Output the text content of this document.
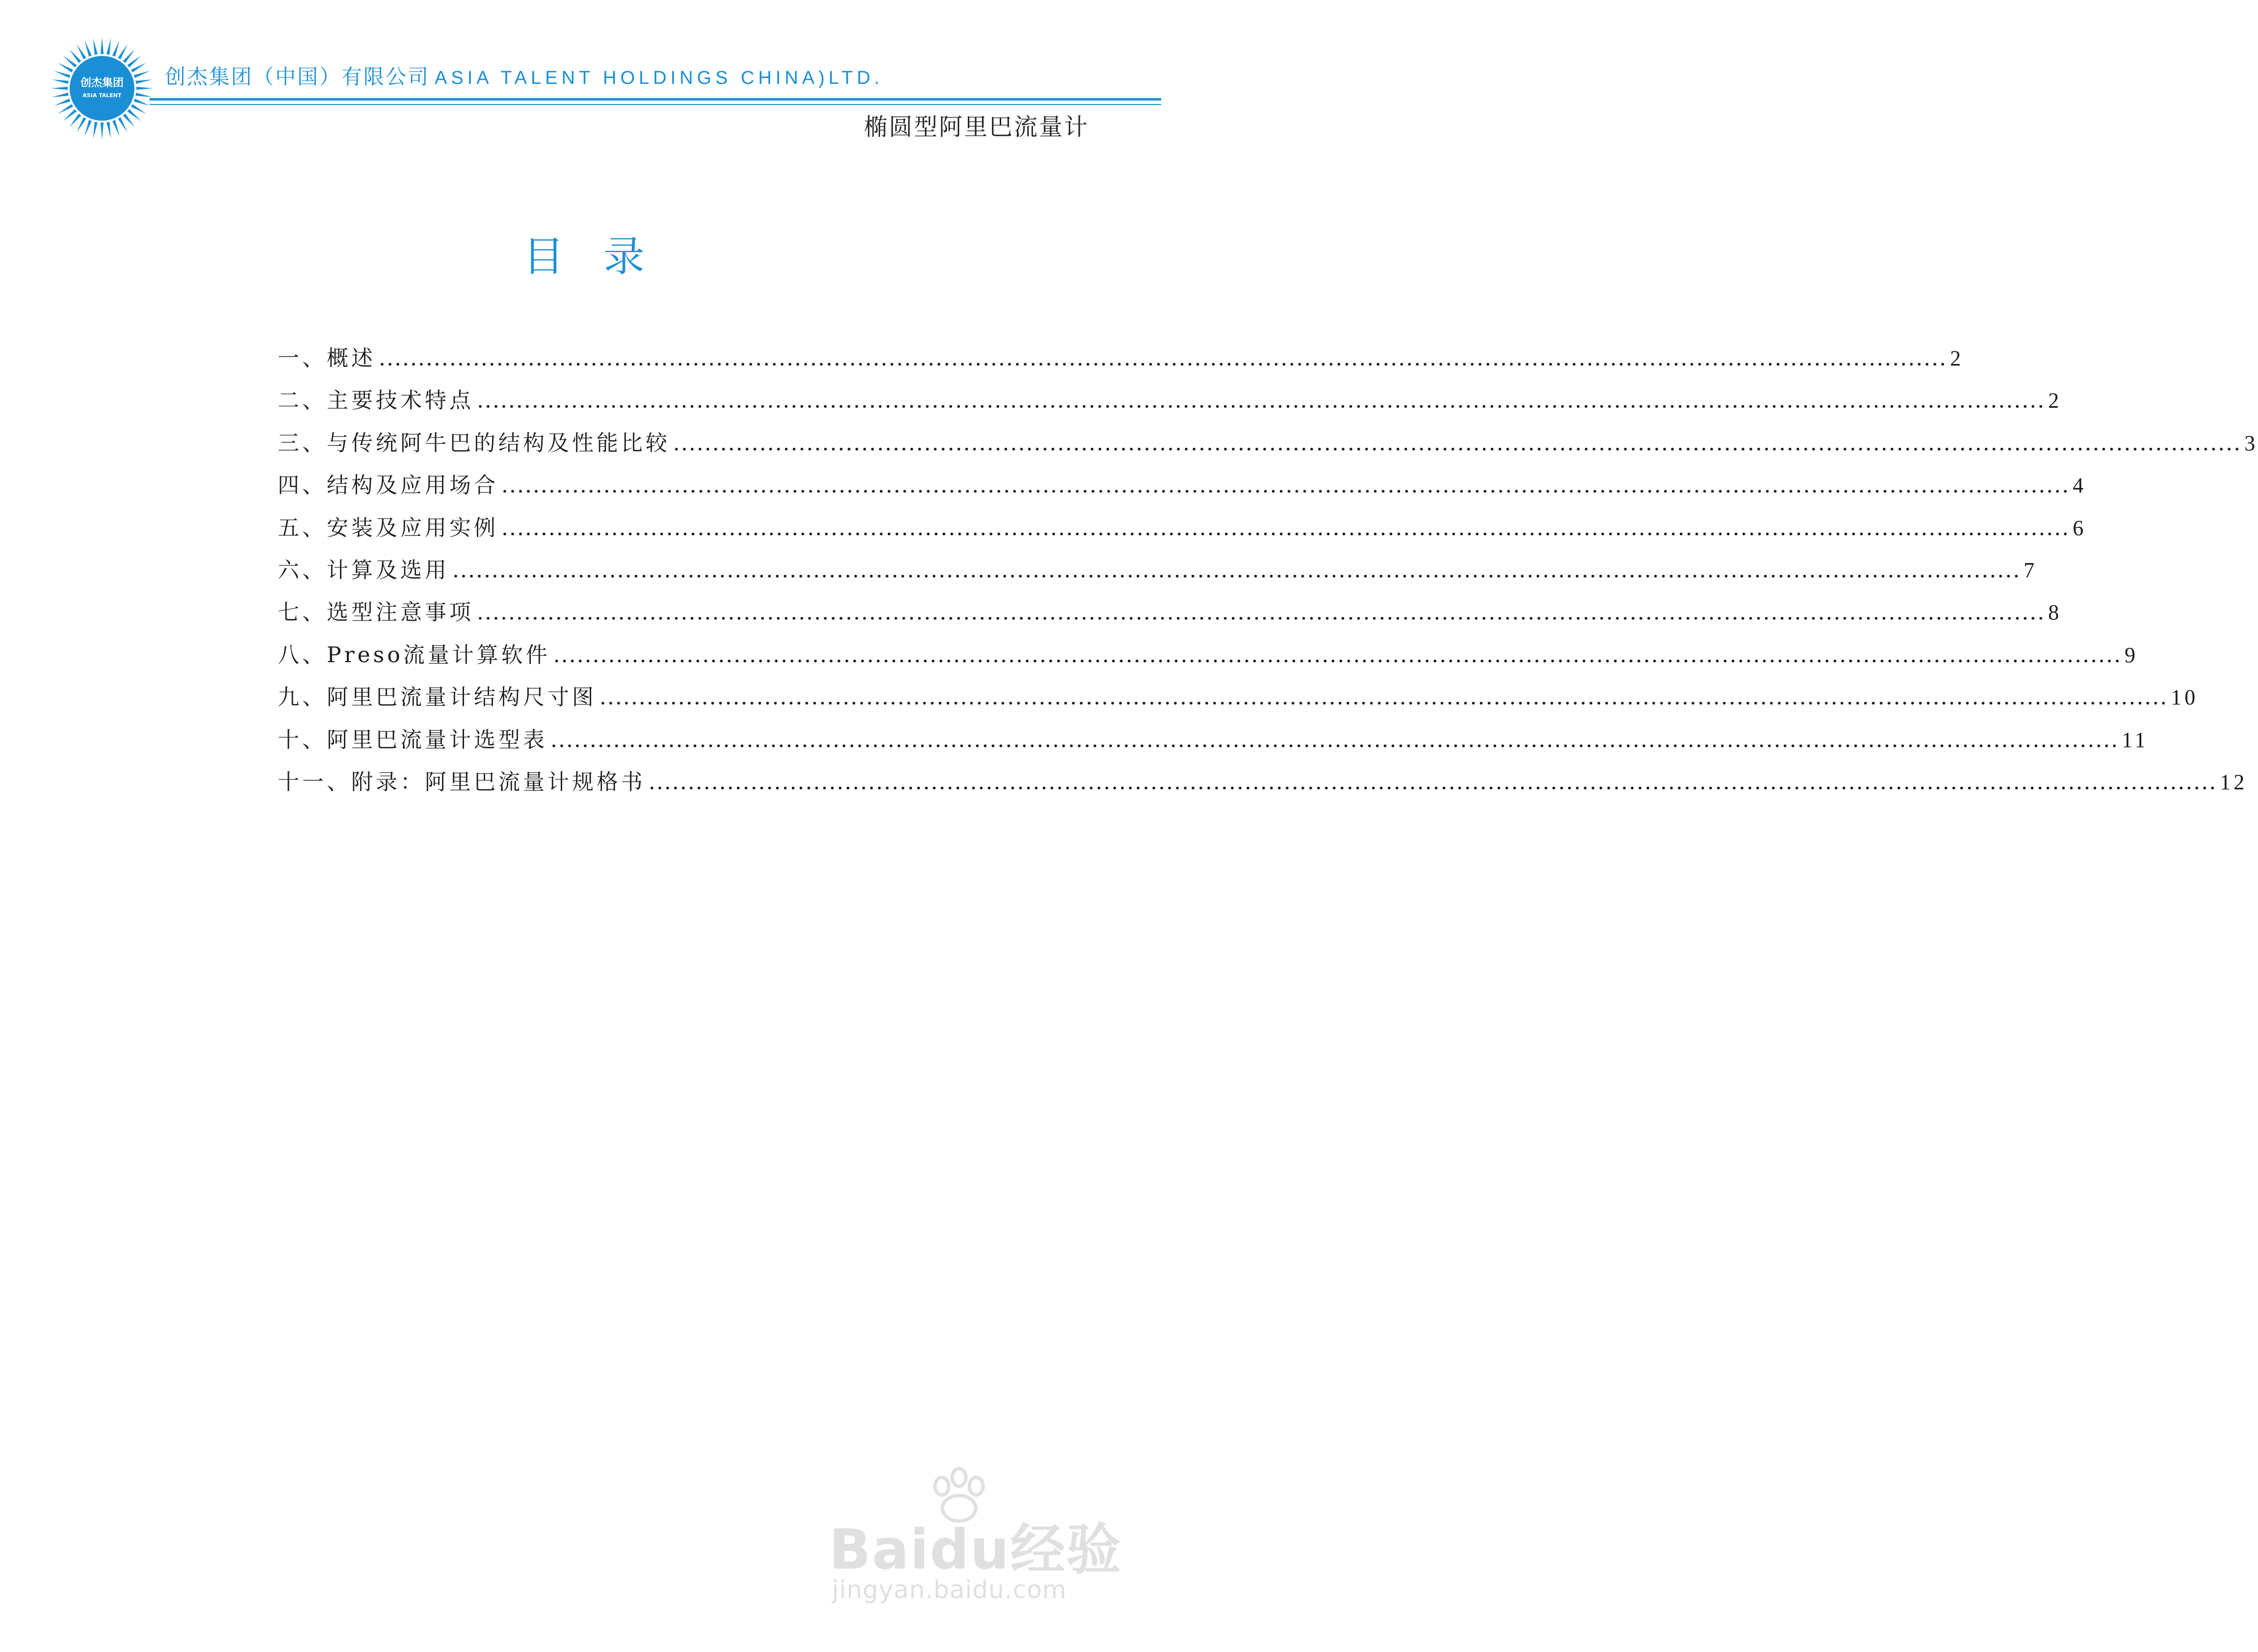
创杰集团
ASIA TALENT
创杰集团（中国）有限公司 ASIA TALENT HOLDINGS CHINA)LTD.
椭圆型阿里巴流量计
目录
一、概述 ........................................................................................................................................................................................................ 2
二、主要技术特点 ........................................................................................................................................................................................................ 2
三、与传统阿牛巴的结构及性能比较 ........................................................................................................................................................................................................ 3
四、结构及应用场合 ........................................................................................................................................................................................................ 4
五、安装及应用实例 ........................................................................................................................................................................................................ 6
六、计算及选用 ........................................................................................................................................................................................................ 7
七、选型注意事项 ........................................................................................................................................................................................................ 8
八、Preso流量计算软件 ........................................................................................................................................................................................................ 9
九、阿里巴流量计结构尺寸图 ........................................................................................................................................................................................................ 10
十、阿里巴流量计选型表 ........................................................................................................................................................................................................ 11
十一、附录：阿里巴流量计规格书 ........................................................................................................................................................................................................ 12
Baidu经验
jingyan.baidu.com
